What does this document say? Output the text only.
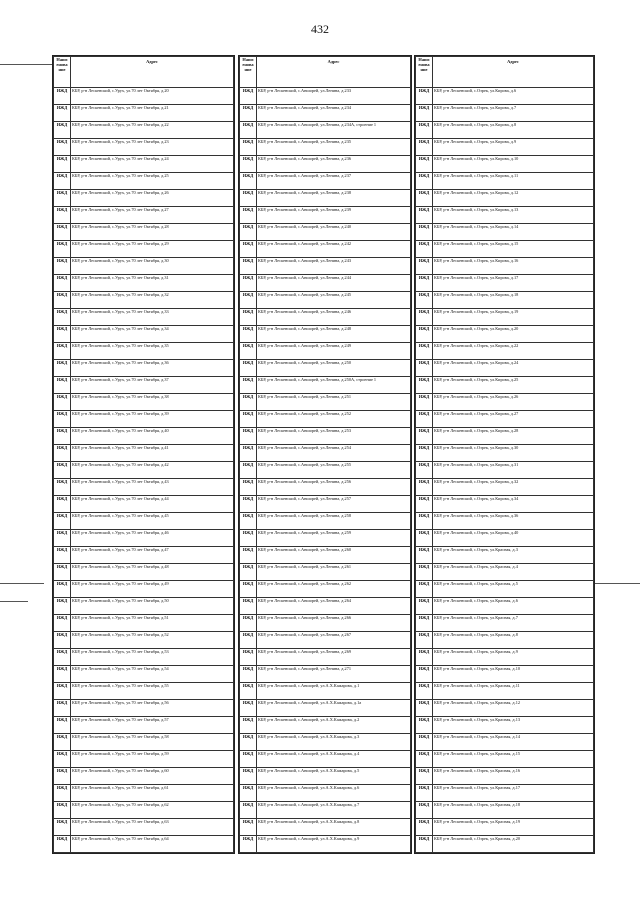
432
Наим енова ние	Адрес
ИЖД	КБР, р-н Лескенский, с.Урух, ул.70 лет Октября, д.20
ИЖД	КБР, р-н Лескенский, с.Урух, ул.70 лет Октября, д.21
ИЖД	КБР, р-н Лескенский, с.Урух, ул.70 лет Октября, д.22
ИЖД	КБР, р-н Лескенский, с.Урух, ул.70 лет Октября, д.23
ИЖД	КБР, р-н Лескенский, с.Урух, ул.70 лет Октября, д.24
ИЖД	КБР, р-н Лескенский, с.Урух, ул.70 лет Октября, д.25
ИЖД	КБР, р-н Лескенский, с.Урух, ул.70 лет Октября, д.26
ИЖД	КБР, р-н Лескенский, с.Урух, ул.70 лет Октября, д.27
ИЖД	КБР, р-н Лескенский, с.Урух, ул.70 лет Октября, д.28
ИЖД	КБР, р-н Лескенский, с.Урух, ул.70 лет Октября, д.29
ИЖД	КБР, р-н Лескенский, с.Урух, ул.70 лет Октября, д.30
ИЖД	КБР, р-н Лескенский, с.Урух, ул.70 лет Октября, д.31
ИЖД	КБР, р-н Лескенский, с.Урух, ул.70 лет Октября, д.32
ИЖД	КБР, р-н Лескенский, с.Урух, ул.70 лет Октября, д.33
ИЖД	КБР, р-н Лескенский, с.Урух, ул.70 лет Октября, д.34
ИЖД	КБР, р-н Лескенский, с.Урух, ул.70 лет Октября, д.35
ИЖД	КБР, р-н Лескенский, с.Урух, ул.70 лет Октября, д.36
ИЖД	КБР, р-н Лескенский, с.Урух, ул.70 лет Октября, д.37
ИЖД	КБР, р-н Лескенский, с.Урух, ул.70 лет Октября, д.38
ИЖД	КБР, р-н Лескенский, с.Урух, ул.70 лет Октября, д.39
ИЖД	КБР, р-н Лескенский, с.Урух, ул.70 лет Октября, д.40
ИЖД	КБР, р-н Лескенский, с.Урух, ул.70 лет Октября, д.41
ИЖД	КБР, р-н Лескенский, с.Урух, ул.70 лет Октября, д.42
ИЖД	КБР, р-н Лескенский, с.Урух, ул.70 лет Октября, д.43
ИЖД	КБР, р-н Лескенский, с.Урух, ул.70 лет Октября, д.44
ИЖД	КБР, р-н Лескенский, с.Урух, ул.70 лет Октября, д.45
ИЖД	КБР, р-н Лескенский, с.Урух, ул.70 лет Октября, д.46
ИЖД	КБР, р-н Лескенский, с.Урух, ул.70 лет Октября, д.47
ИЖД	КБР, р-н Лескенский, с.Урух, ул.70 лет Октября, д.48
ИЖД	КБР, р-н Лескенский, с.Урух, ул.70 лет Октября, д.49
ИЖД	КБР, р-н Лескенский, с.Урух, ул.70 лет Октября, д.50
ИЖД	КБР, р-н Лескенский, с.Урух, ул.70 лет Октября, д.51
ИЖД	КБР, р-н Лескенский, с.Урух, ул.70 лет Октября, д.52
ИЖД	КБР, р-н Лескенский, с.Урух, ул.70 лет Октября, д.53
ИЖД	КБР, р-н Лескенский, с.Урух, ул.70 лет Октября, д.54
ИЖД	КБР, р-н Лескенский, с.Урух, ул.70 лет Октября, д.55
ИЖД	КБР, р-н Лескенский, с.Урух, ул.70 лет Октября, д.56
ИЖД	КБР, р-н Лескенский, с.Урух, ул.70 лет Октября, д.57
ИЖД	КБР, р-н Лескенский, с.Урух, ул.70 лет Октября, д.58
ИЖД	КБР, р-н Лескенский, с.Урух, ул.70 лет Октября, д.59
ИЖД	КБР, р-н Лескенский, с.Урух, ул.70 лет Октября, д.60
ИЖД	КБР, р-н Лескенский, с.Урух, ул.70 лет Октября, д.61
ИЖД	КБР, р-н Лескенский, с.Урух, ул.70 лет Октября, д.62
ИЖД	КБР, р-н Лескенский, с.Урух, ул.70 лет Октября, д.63
ИЖД	КБР, р-н Лескенский, с.Урух, ул.70 лет Октября, д.64
Наим енова ние	Адрес
ИЖД	КБР, р-н Лескенский, с.Аншорей, ул.Ленина, д.233
ИЖД	КБР, р-н Лескенский, с.Аншорей, ул.Ленина, д.234
ИЖД	КБР, р-н Лескенский, с.Аншорей, ул.Ленина, д.234А, строение 1
ИЖД	КБР, р-н Лескенский, с.Аншорей, ул.Ленина, д.235
ИЖД	КБР, р-н Лескенский, с.Аншорей, ул.Ленина, д.236
ИЖД	КБР, р-н Лескенский, с.Аншорей, ул.Ленина, д.237
ИЖД	КБР, р-н Лескенский, с.Аншорей, ул.Ленина, д.238
ИЖД	КБР, р-н Лескенский, с.Аншорей, ул.Ленина, д.239
ИЖД	КБР, р-н Лескенский, с.Аншорей, ул.Ленина, д.240
ИЖД	КБР, р-н Лескенский, с.Аншорей, ул.Ленина, д.242
ИЖД	КБР, р-н Лескенский, с.Аншорей, ул.Ленина, д.243
ИЖД	КБР, р-н Лескенский, с.Аншорей, ул.Ленина, д.244
ИЖД	КБР, р-н Лескенский, с.Аншорей, ул.Ленина, д.245
ИЖД	КБР, р-н Лескенский, с.Аншорей, ул.Ленина, д.246
ИЖД	КБР, р-н Лескенский, с.Аншорей, ул.Ленина, д.248
ИЖД	КБР, р-н Лескенский, с.Аншорей, ул.Ленина, д.249
ИЖД	КБР, р-н Лескенский, с.Аншорей, ул.Ленина, д.250
ИЖД	КБР, р-н Лескенский, с.Аншорей, ул.Ленина, д.250А, строение 1
ИЖД	КБР, р-н Лескенский, с.Аншорей, ул.Ленина, д.251
ИЖД	КБР, р-н Лескенский, с.Аншорей, ул.Ленина, д.252
ИЖД	КБР, р-н Лескенский, с.Аншорей, ул.Ленина, д.253
ИЖД	КБР, р-н Лескенский, с.Аншорей, ул.Ленина, д.254
ИЖД	КБР, р-н Лескенский, с.Аншорей, ул.Ленина, д.255
ИЖД	КБР, р-н Лескенский, с.Аншорей, ул.Ленина, д.256
ИЖД	КБР, р-н Лескенский, с.Аншорей, ул.Ленина, д.257
ИЖД	КБР, р-н Лескенский, с.Аншорей, ул.Ленина, д.258
ИЖД	КБР, р-н Лескенский, с.Аншорей, ул.Ленина, д.259
ИЖД	КБР, р-н Лескенский, с.Аншорей, ул.Ленина, д.260
ИЖД	КБР, р-н Лескенский, с.Аншорей, ул.Ленина, д.261
ИЖД	КБР, р-н Лескенский, с.Аншорей, ул.Ленина, д.262
ИЖД	КБР, р-н Лескенский, с.Аншорей, ул.Ленина, д.264
ИЖД	КБР, р-н Лескенский, с.Аншорей, ул.Ленина, д.266
ИЖД	КБР, р-н Лескенский, с.Аншорей, ул.Ленина, д.267
ИЖД	КБР, р-н Лескенский, с.Аншорей, ул.Ленина, д.269
ИЖД	КБР, р-н Лескенский, с.Аншорей, ул.Ленина, д.271
ИЖД	КБР, р-н Лескенский, с.Аншорей, ул.А.Х.Кажарова, д.1
ИЖД	КБР, р-н Лескенский, с.Аншорей, ул.А.Х.Кажарова, д.1а
ИЖД	КБР, р-н Лескенский, с.Аншорей, ул.А.Х.Кажарова, д.2
ИЖД	КБР, р-н Лескенский, с.Аншорей, ул.А.Х.Кажарова, д.3
ИЖД	КБР, р-н Лескенский, с.Аншорей, ул.А.Х.Кажарова, д.4
ИЖД	КБР, р-н Лескенский, с.Аншорей, ул.А.Х.Кажарова, д.5
ИЖД	КБР, р-н Лескенский, с.Аншорей, ул.А.Х.Кажарова, д.6
ИЖД	КБР, р-н Лескенский, с.Аншорей, ул.А.Х.Кажарова, д.7
ИЖД	КБР, р-н Лескенский, с.Аншорей, ул.А.Х.Кажарова, д.8
ИЖД	КБР, р-н Лескенский, с.Аншорей, ул.А.Х.Кажарова, д.9
Наим енова ние	Адрес
ИЖД	КБР, р-н Лескенский, с.Озрек, ул.Кирова, д.6
ИЖД	КБР, р-н Лескенский, с.Озрек, ул.Кирова, д.7
ИЖД	КБР, р-н Лескенский, с.Озрек, ул.Кирова, д.8
ИЖД	КБР, р-н Лескенский, с.Озрек, ул.Кирова, д.9
ИЖД	КБР, р-н Лескенский, с.Озрек, ул.Кирова, д.10
ИЖД	КБР, р-н Лескенский, с.Озрек, ул.Кирова, д.11
ИЖД	КБР, р-н Лескенский, с.Озрек, ул.Кирова, д.12
ИЖД	КБР, р-н Лескенский, с.Озрек, ул.Кирова, д.13
ИЖД	КБР, р-н Лескенский, с.Озрек, ул.Кирова, д.14
ИЖД	КБР, р-н Лескенский, с.Озрек, ул.Кирова, д.15
ИЖД	КБР, р-н Лескенский, с.Озрек, ул.Кирова, д.16
ИЖД	КБР, р-н Лескенский, с.Озрек, ул.Кирова, д.17
ИЖД	КБР, р-н Лескенский, с.Озрек, ул.Кирова, д.18
ИЖД	КБР, р-н Лескенский, с.Озрек, ул.Кирова, д.19
ИЖД	КБР, р-н Лескенский, с.Озрек, ул.Кирова, д.20
ИЖД	КБР, р-н Лескенский, с.Озрек, ул.Кирова, д.22
ИЖД	КБР, р-н Лескенский, с.Озрек, ул.Кирова, д.24
ИЖД	КБР, р-н Лескенский, с.Озрек, ул.Кирова, д.25
ИЖД	КБР, р-н Лескенский, с.Озрек, ул.Кирова, д.26
ИЖД	КБР, р-н Лескенский, с.Озрек, ул.Кирова, д.27
ИЖД	КБР, р-н Лескенский, с.Озрек, ул.Кирова, д.28
ИЖД	КБР, р-н Лескенский, с.Озрек, ул.Кирова, д.30
ИЖД	КБР, р-н Лескенский, с.Озрек, ул.Кирова, д.31
ИЖД	КБР, р-н Лескенский, с.Озрек, ул.Кирова, д.32
ИЖД	КБР, р-н Лескенский, с.Озрек, ул.Кирова, д.34
ИЖД	КБР, р-н Лескенский, с.Озрек, ул.Кирова, д.36
ИЖД	КБР, р-н Лескенский, с.Озрек, ул.Кирова, д.40
ИЖД	КБР, р-н Лескенский, с.Озрек, ул.Красная, д.3
ИЖД	КБР, р-н Лескенский, с.Озрек, ул.Красная, д.4
ИЖД	КБР, р-н Лескенский, с.Озрек, ул.Красная, д.5
ИЖД	КБР, р-н Лескенский, с.Озрек, ул.Красная, д.6
ИЖД	КБР, р-н Лескенский, с.Озрек, ул.Красная, д.7
ИЖД	КБР, р-н Лескенский, с.Озрек, ул.Красная, д.8
ИЖД	КБР, р-н Лескенский, с.Озрек, ул.Красная, д.9
ИЖД	КБР, р-н Лескенский, с.Озрек, ул.Красная, д.10
ИЖД	КБР, р-н Лескенский, с.Озрек, ул.Красная, д.11
ИЖД	КБР, р-н Лескенский, с.Озрек, ул.Красная, д.12
ИЖД	КБР, р-н Лескенский, с.Озрек, ул.Красная, д.13
ИЖД	КБР, р-н Лескенский, с.Озрек, ул.Красная, д.14
ИЖД	КБР, р-н Лескенский, с.Озрек, ул.Красная, д.15
ИЖД	КБР, р-н Лескенский, с.Озрек, ул.Красная, д.16
ИЖД	КБР, р-н Лескенский, с.Озрек, ул.Красная, д.17
ИЖД	КБР, р-н Лескенский, с.Озрек, ул.Красная, д.18
ИЖД	КБР, р-н Лескенский, с.Озрек, ул.Красная, д.19
ИЖД	КБР, р-н Лескенский, с.Озрек, ул.Красная, д.20
